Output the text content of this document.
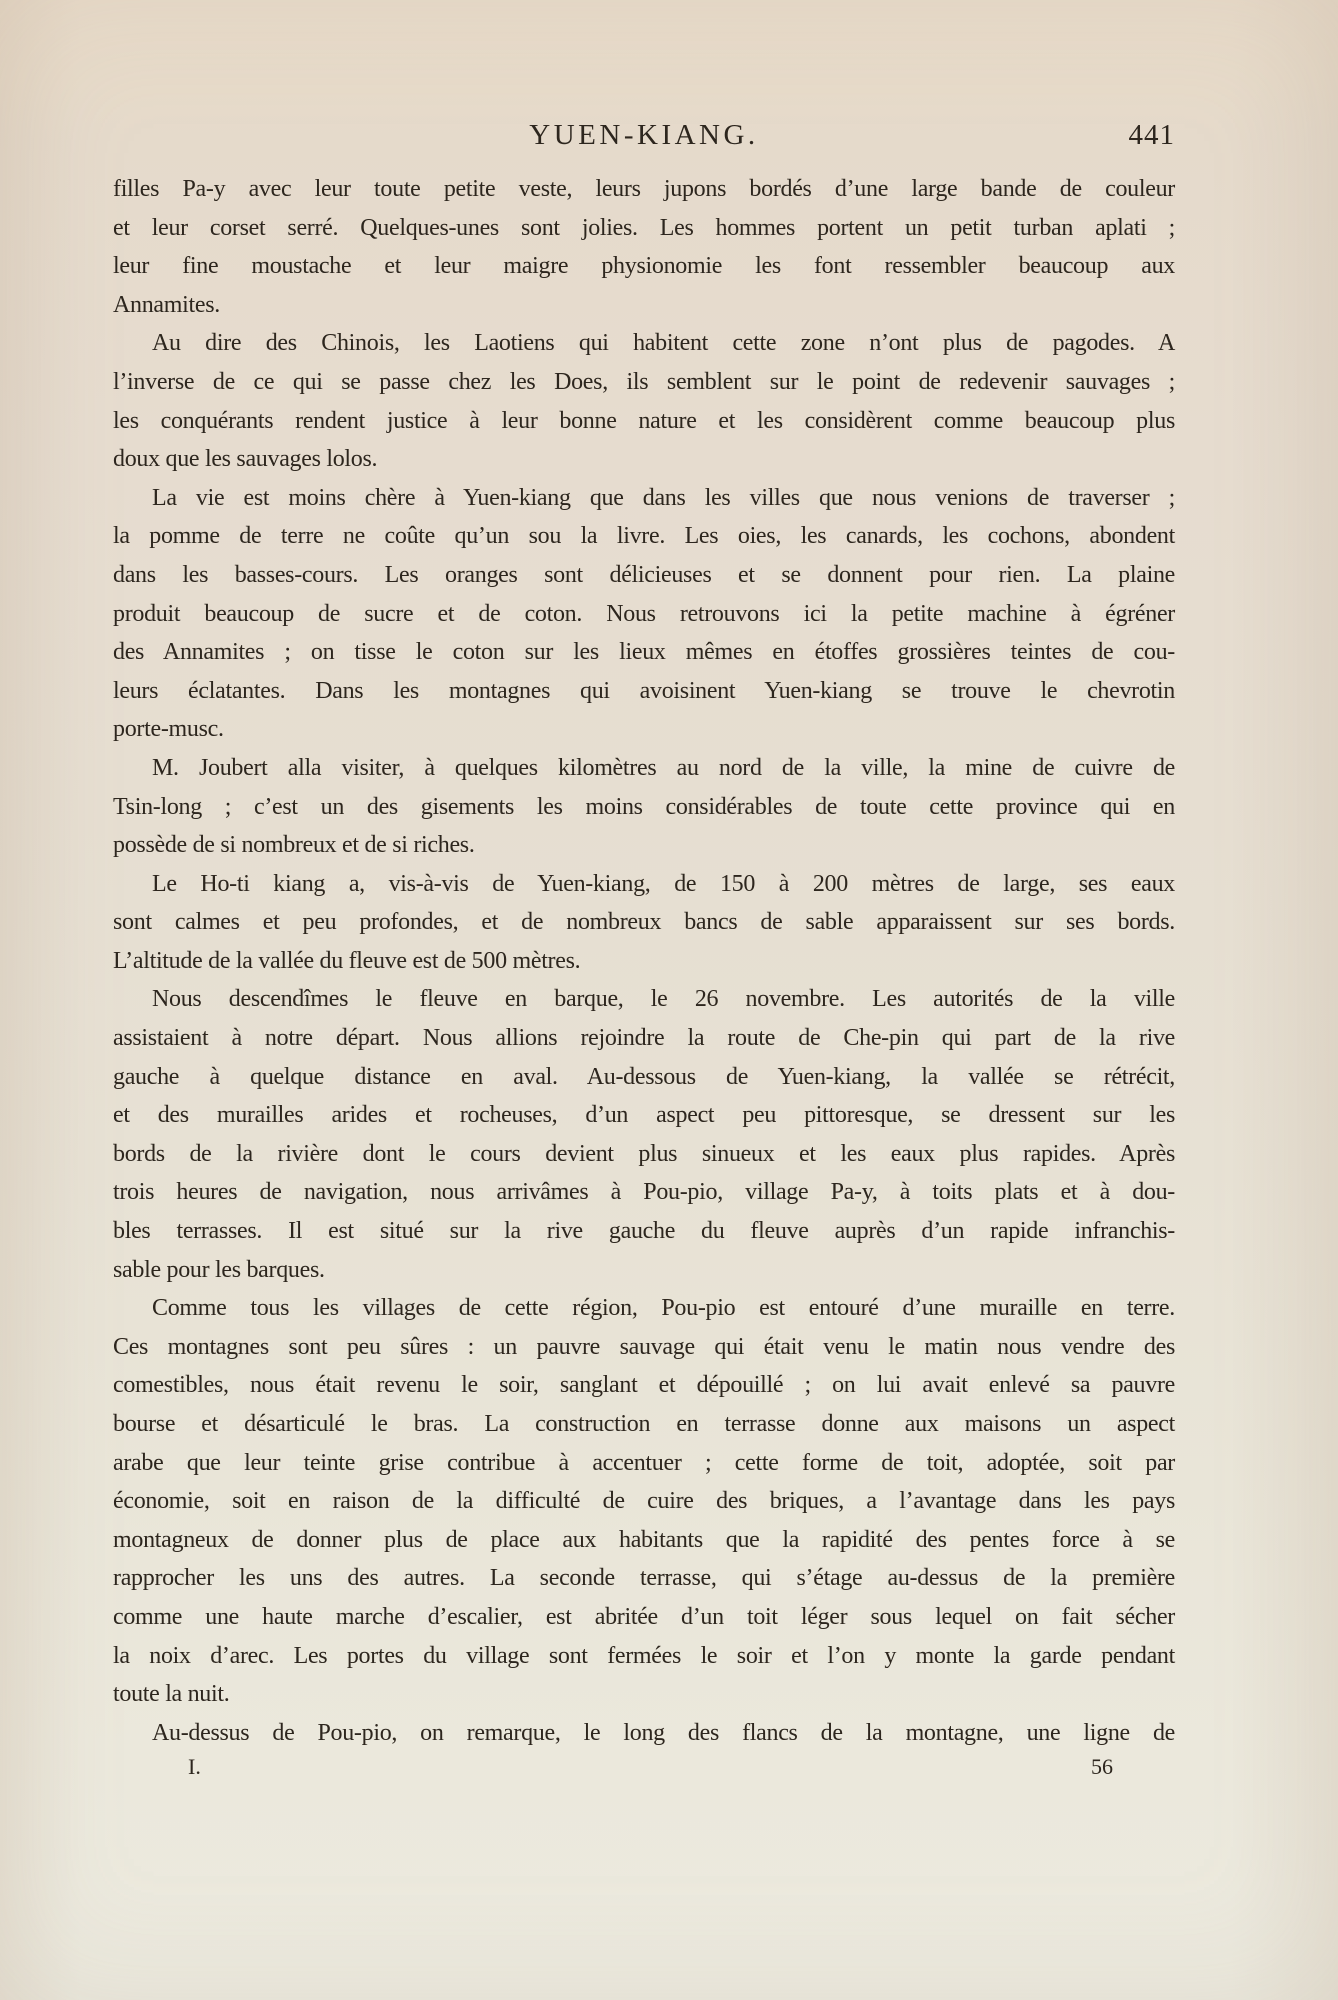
YUEN-KIANG.	441
filles Pa-y avec leur toute petite veste, leurs jupons bordés d’une large bande de couleur
et leur corset serré. Quelques-unes sont jolies. Les hommes portent un petit turban aplati ;
leur fine moustache et leur maigre physionomie les font ressembler beaucoup aux
Annamites.
Au dire des Chinois, les Laotiens qui habitent cette zone n’ont plus de pagodes. A
l’inverse de ce qui se passe chez les Does, ils semblent sur le point de redevenir sauvages ;
les conquérants rendent justice à leur bonne nature et les considèrent comme beaucoup plus
doux que les sauvages lolos.
La vie est moins chère à Yuen-kiang que dans les villes que nous venions de traverser ;
la pomme de terre ne coûte qu’un sou la livre. Les oies, les canards, les cochons, abondent
dans les basses-cours. Les oranges sont délicieuses et se donnent pour rien. La plaine
produit beaucoup de sucre et de coton. Nous retrouvons ici la petite machine à égréner
des Annamites ; on tisse le coton sur les lieux mêmes en étoffes grossières teintes de cou-
leurs éclatantes. Dans les montagnes qui avoisinent Yuen-kiang se trouve le chevrotin
porte-musc.
M. Joubert alla visiter, à quelques kilomètres au nord de la ville, la mine de cuivre de
Tsin-long ; c’est un des gisements les moins considérables de toute cette province qui en
possède de si nombreux et de si riches.
Le Ho-ti kiang a, vis-à-vis de Yuen-kiang, de 150 à 200 mètres de large, ses eaux
sont calmes et peu profondes, et de nombreux bancs de sable apparaissent sur ses bords.
L’altitude de la vallée du fleuve est de 500 mètres.
Nous descendîmes le fleuve en barque, le 26 novembre. Les autorités de la ville
assistaient à notre départ. Nous allions rejoindre la route de Che-pin qui part de la rive
gauche à quelque distance en aval. Au-dessous de Yuen-kiang, la vallée se rétrécit,
et des murailles arides et rocheuses, d’un aspect peu pittoresque, se dressent sur les
bords de la rivière dont le cours devient plus sinueux et les eaux plus rapides. Après
trois heures de navigation, nous arrivâmes à Pou-pio, village Pa-y, à toits plats et à dou-
bles terrasses. Il est situé sur la rive gauche du fleuve auprès d’un rapide infranchis-
sable pour les barques.
Comme tous les villages de cette région, Pou-pio est entouré d’une muraille en terre.
Ces montagnes sont peu sûres : un pauvre sauvage qui était venu le matin nous vendre des
comestibles, nous était revenu le soir, sanglant et dépouillé ; on lui avait enlevé sa pauvre
bourse et désarticulé le bras. La construction en terrasse donne aux maisons un aspect
arabe que leur teinte grise contribue à accentuer ; cette forme de toit, adoptée, soit par
économie, soit en raison de la difficulté de cuire des briques, a l’avantage dans les pays
montagneux de donner plus de place aux habitants que la rapidité des pentes force à se
rapprocher les uns des autres. La seconde terrasse, qui s’étage au-dessus de la première
comme une haute marche d’escalier, est abritée d’un toit léger sous lequel on fait sécher
la noix d’arec. Les portes du village sont fermées le soir et l’on y monte la garde pendant
toute la nuit.
Au-dessus de Pou-pio, on remarque, le long des flancs de la montagne, une ligne de
I.	56
